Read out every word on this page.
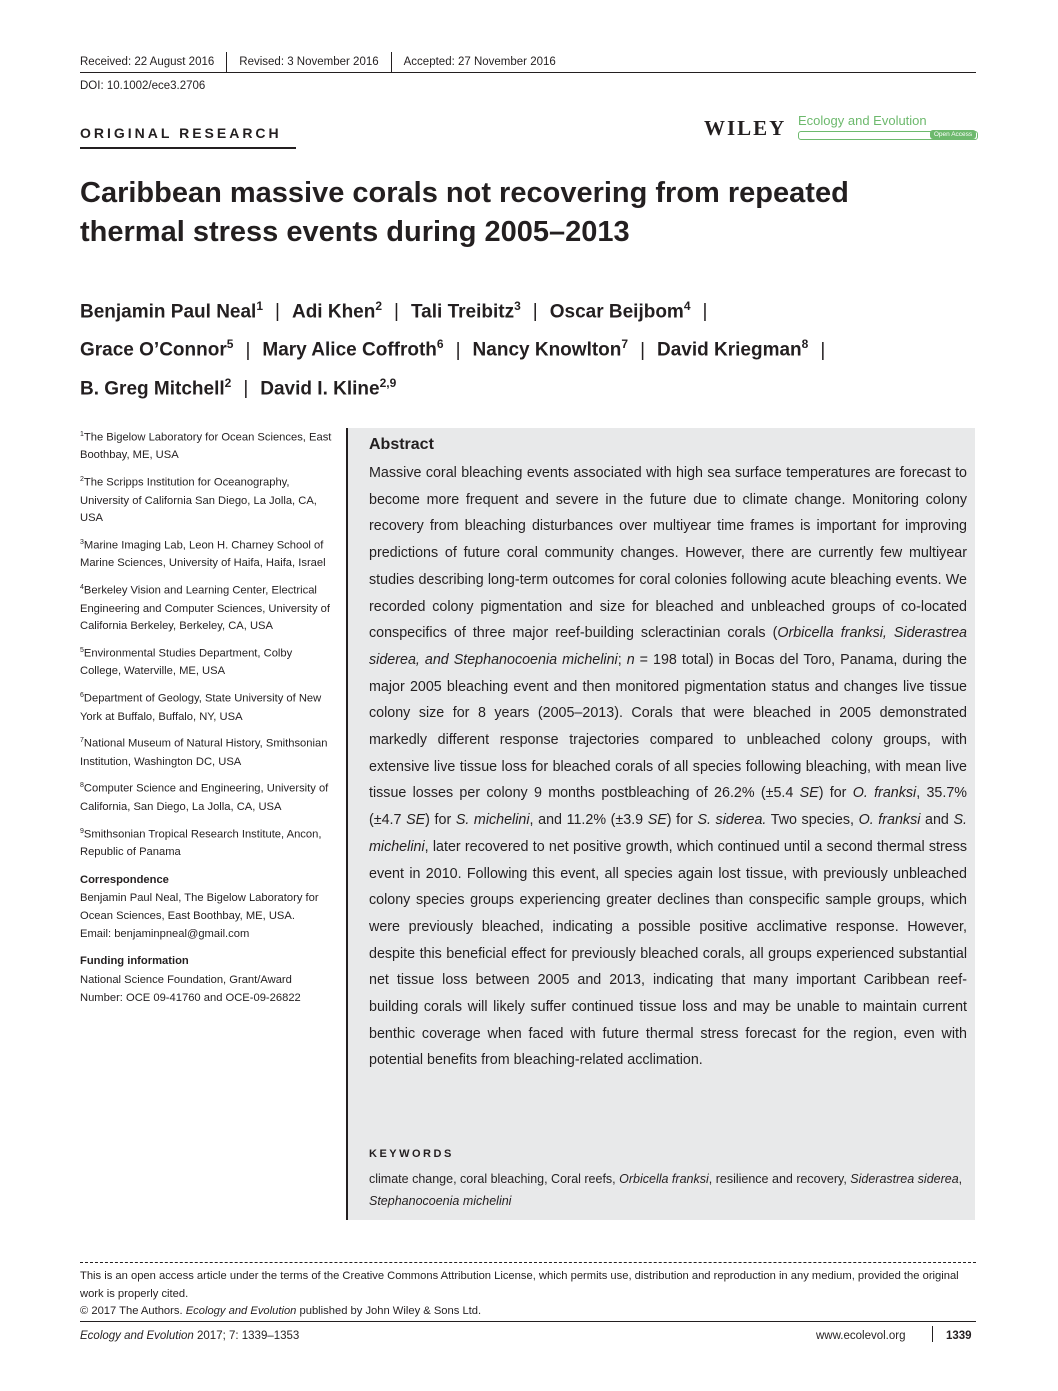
Received: 22 August 2016	Revised: 3 November 2016	Accepted: 27 November 2016
DOI: 10.1002/ece3.2706
ORIGINAL RESEARCH	WILEY Ecology and Evolution
Open Access
Caribbean massive corals not recovering from repeated thermal stress events during 2005–2013
Benjamin Paul Neal$^1$ | Adi Khen$^2$ | Tali Treibitz$^3$ | Oscar Beijbom$^4$ |
Grace O’Connor$^5$ | Mary Alice Coffroth$^6$ | Nancy Knowlton$^7$ | David Kriegman$^8$ |
B. Greg Mitchell$^2$ | David I. Kline$^{2,9}$

$^1$The Bigelow Laboratory for Ocean Sciences, East Boothbay, ME, USA

$^2$The Scripps Institution for Oceanography, University of California San Diego, La Jolla, CA, USA

$^3$Marine Imaging Lab, Leon H. Charney School of Marine Sciences, University of Haifa, Haifa, Israel

$^4$Berkeley Vision and Learning Center, Electrical Engineering and Computer Sciences, University of California Berkeley, Berkeley, CA, USA

$^5$Environmental Studies Department, Colby College, Waterville, ME, USA

$^6$Department of Geology, State University of New York at Buffalo, Buffalo, NY, USA

$^7$National Museum of Natural History, Smithsonian Institution, Washington DC, USA

$^8$Computer Science and Engineering, University of California, San Diego, La Jolla, CA, USA

$^9$Smithsonian Tropical Research Institute, Ancon, Republic of Panama

Correspondence

Benjamin Paul Neal, The Bigelow Laboratory for Ocean Sciences, East Boothbay, ME, USA.
Email: benjaminpneal@gmail.com

Funding information

National Science Foundation, Grant/Award Number: OCE 09-41760 and OCE-09-26822

Abstract
Massive coral bleaching events associated with high sea surface temperatures are forecast to become more frequent and severe in the future due to climate change. Monitoring colony recovery from bleaching disturbances over multiyear time frames is important for improving predictions of future coral community changes. However, there are currently few multiyear studies describing long-term outcomes for coral colonies following acute bleaching events. We recorded colony pigmentation and size for bleached and unbleached groups of co-located conspecifics of three major reef-building scleractinian corals (Orbicella franksi, Siderastrea siderea, and Stephanocoenia michelini; n = 198 total) in Bocas del Toro, Panama, during the major 2005 bleaching event and then monitored pigmentation status and changes live tissue colony size for 8 years (2005–2013). Corals that were bleached in 2005 demonstrated markedly different response trajectories compared to unbleached colony groups, with extensive live tissue loss for bleached corals of all species following bleaching, with mean live tissue losses per colony 9 months postbleaching of 26.2% (±5.4 SE) for O. franksi, 35.7% (±4.7 SE) for S. michelini, and 11.2% (±3.9 SE) for S. siderea. Two species, O. franksi and S. michelini, later recovered to net positive growth, which continued until a second thermal stress event in 2010. Following this event, all species again lost tissue, with previously unbleached colony species groups experiencing greater declines than conspecific sample groups, which were previously bleached, indicating a possible positive acclimative response. However, despite this beneficial effect for previously bleached corals, all groups experienced substantial net tissue loss between 2005 and 2013, indicating that many important Caribbean reef-building corals will likely suffer continued tissue loss and may be unable to maintain current benthic coverage when faced with future thermal stress forecast for the region, even with potential benefits from bleaching-related acclimation.
KEYWORDS
climate change, coral bleaching, Coral reefs, Orbicella franksi, resilience and recovery, Siderastrea siderea, Stephanocoenia michelini
This is an open access article under the terms of the Creative Commons Attribution License, which permits use, distribution and reproduction in any medium, provided the original work is properly cited.
© 2017 The Authors. Ecology and Evolution published by John Wiley & Sons Ltd.
Ecology and Evolution 2017; 7: 1339–1353	www.ecolevol.org	1339
